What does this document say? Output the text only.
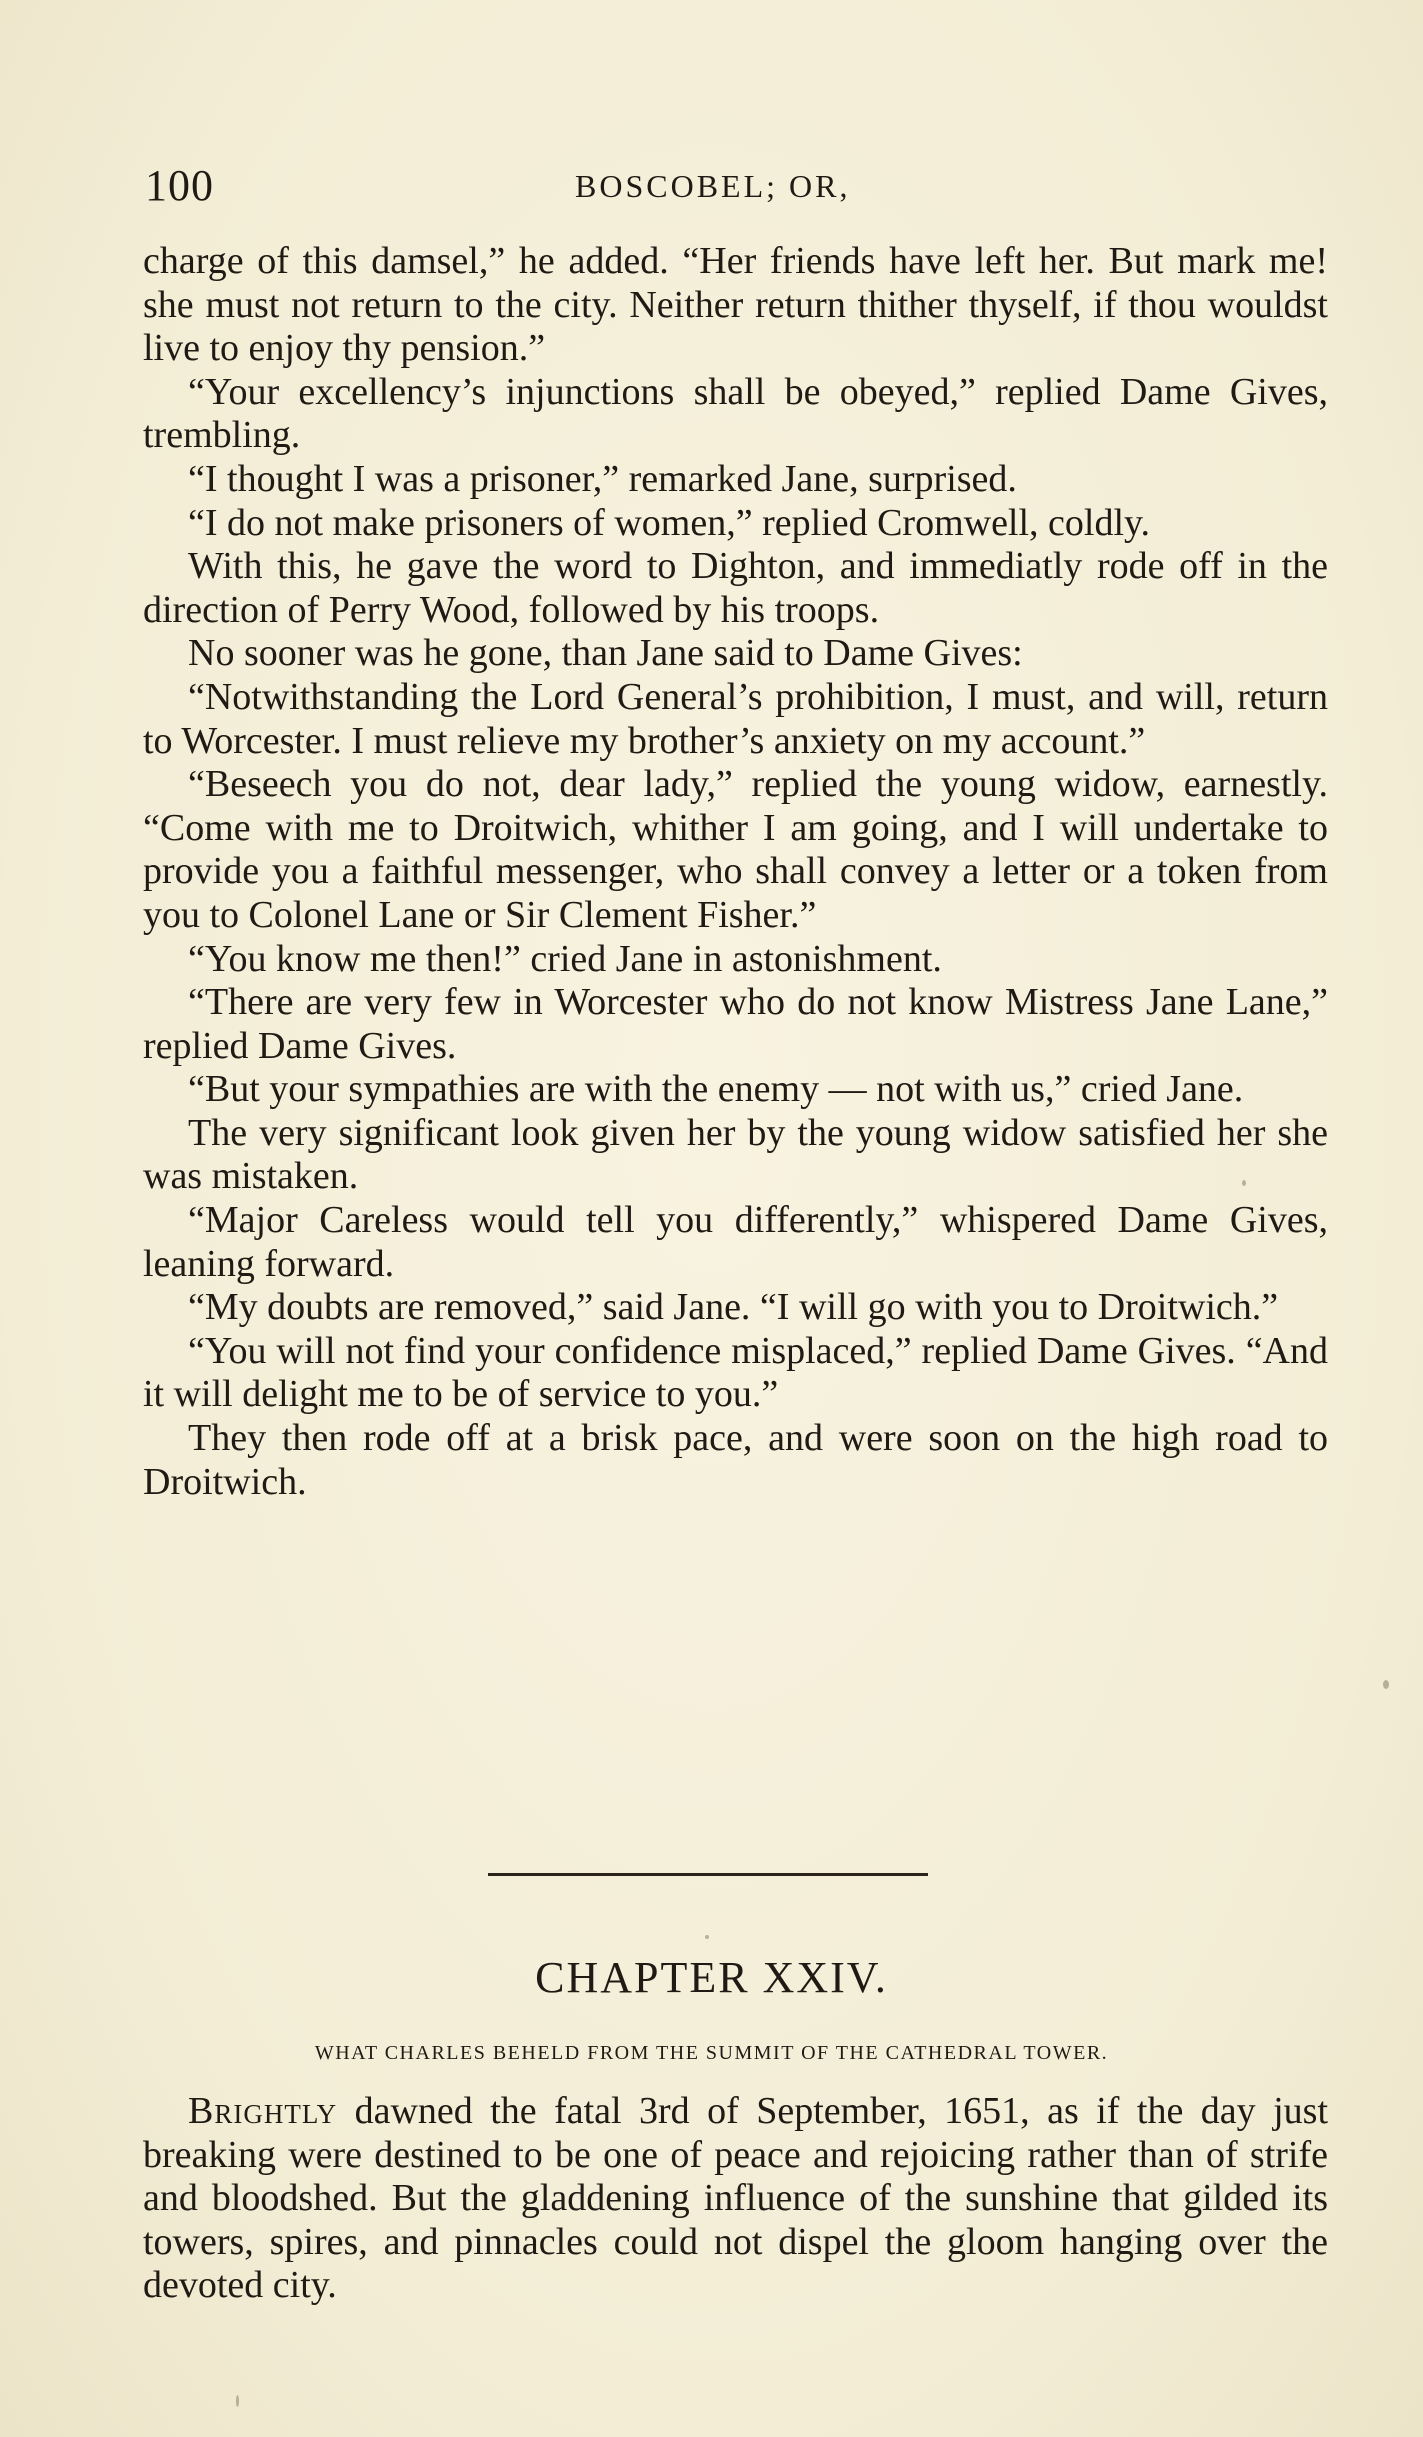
100	BOSCOBEL; OR,

charge of this damsel,” he added. “Her friends have left her. But mark me! she must not return to the city. Neither return thither thyself, if thou wouldst live to enjoy thy pension.”

“Your excellency’s injunctions shall be obeyed,” replied Dame Gives, trembling.

“I thought I was a prisoner,” remarked Jane, surprised.

“I do not make prisoners of women,” replied Cromwell, coldly.

With this, he gave the word to Dighton, and immediatly rode off in the direction of Perry Wood, followed by his troops.

No sooner was he gone, than Jane said to Dame Gives:

“Notwithstanding the Lord General’s prohibition, I must, and will, return to Worcester. I must relieve my brother’s anxiety on my account.”

“Beseech you do not, dear lady,” replied the young widow, earnestly. “Come with me to Droitwich, whither I am going, and I will undertake to provide you a faithful messenger, who shall convey a letter or a token from you to Colonel Lane or Sir Clement Fisher.”

“You know me then!” cried Jane in astonishment.

“There are very few in Worcester who do not know Mistress Jane Lane,” replied Dame Gives.

“But your sympathies are with the enemy — not with us,” cried Jane.

The very significant look given her by the young widow satisfied her she was mistaken.

“Major Careless would tell you differently,” whispered Dame Gives, leaning forward.

“My doubts are removed,” said Jane. “I will go with you to Droitwich.”

“You will not find your confidence misplaced,” replied Dame Gives. “And it will delight me to be of service to you.”

They then rode off at a brisk pace, and were soon on the high road to Droitwich.

CHAPTER XXIV.
WHAT CHARLES BEHELD FROM THE SUMMIT OF THE CATHEDRAL TOWER.

Brightly dawned the fatal 3rd of September, 1651, as if the day just breaking were destined to be one of peace and rejoicing rather than of strife and bloodshed. But the gladdening influence of the sunshine that gilded its towers, spires, and pinnacles could not dispel the gloom hanging over the devoted city.
